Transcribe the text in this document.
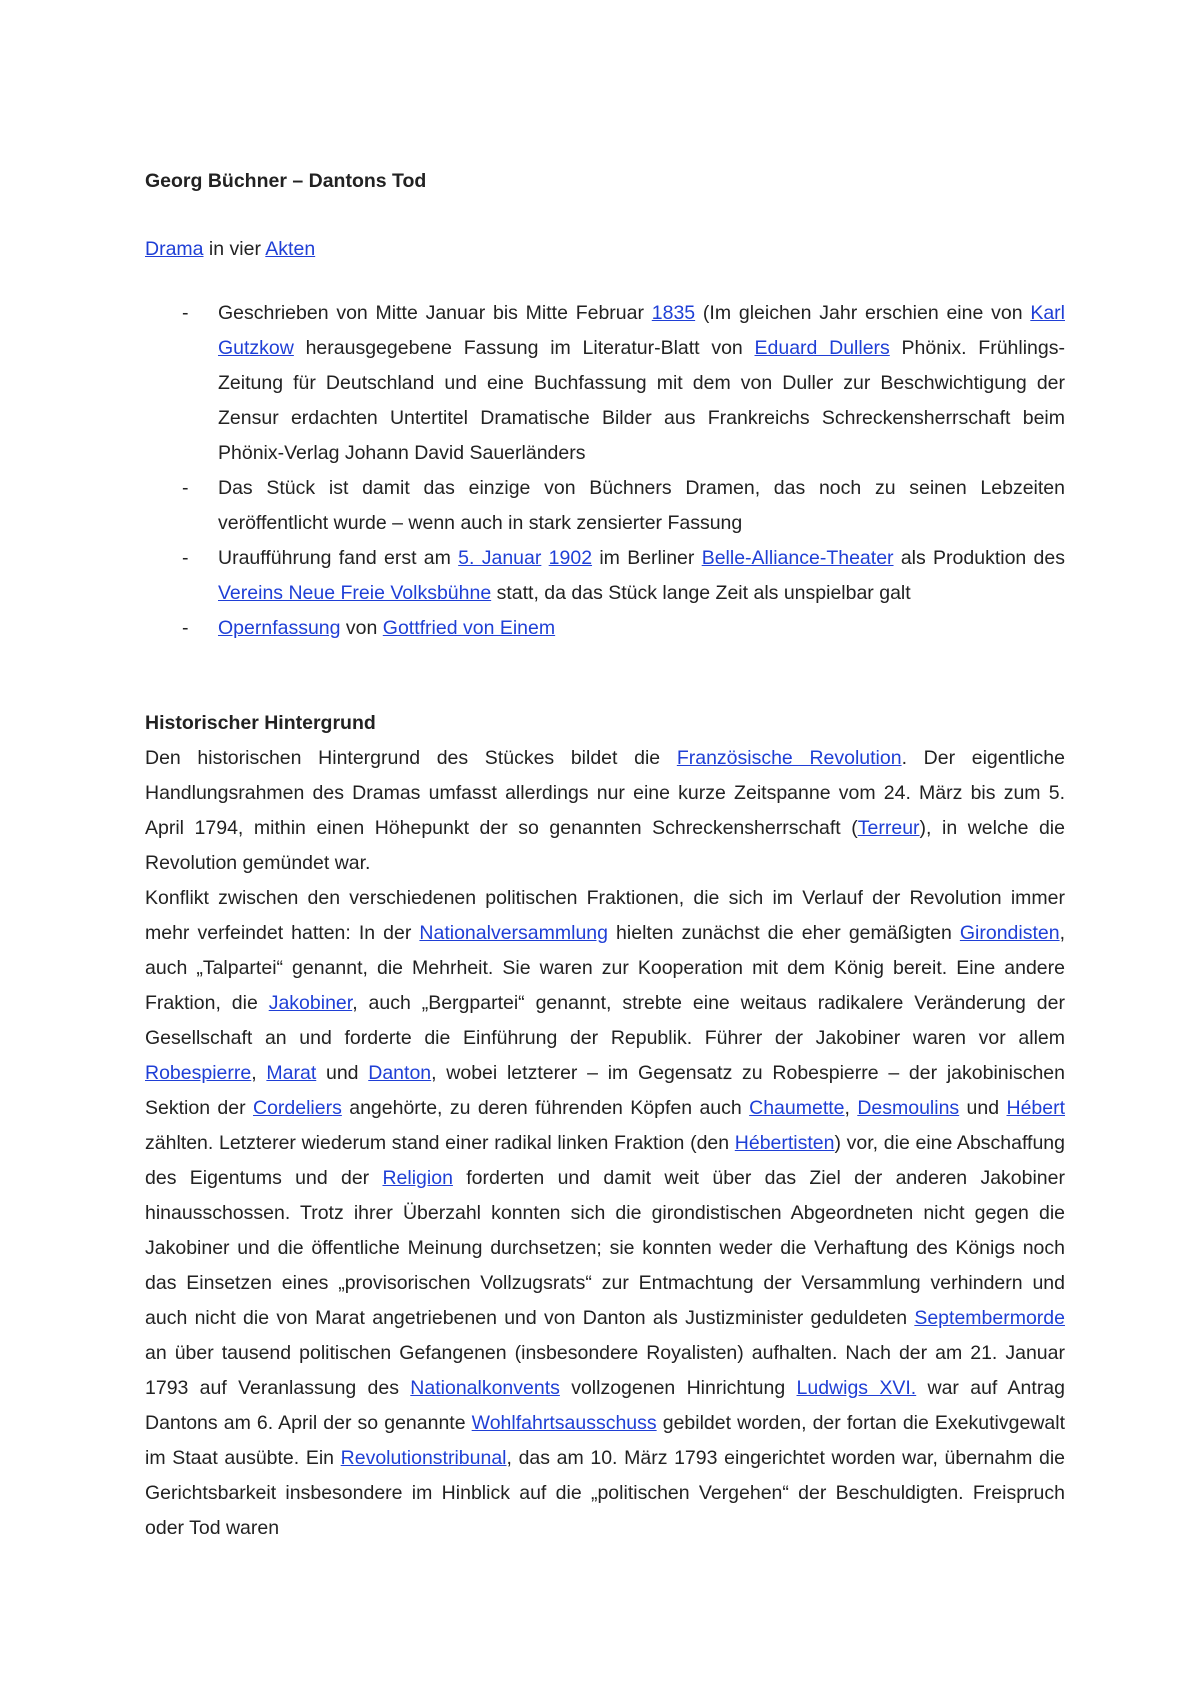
Georg Büchner – Dantons Tod

Drama in vier Akten

- Geschrieben von Mitte Januar bis Mitte Februar 1835 (Im gleichen Jahr erschien eine von Karl Gutzkow herausgegebene Fassung im Literatur-Blatt von Eduard Dullers Phönix. Frühlings-Zeitung für Deutschland und eine Buchfassung mit dem von Duller zur Beschwichtigung der Zensur erdachten Untertitel Dramatische Bilder aus Frankreichs Schreckensherrschaft beim Phönix-Verlag Johann David Sauerländers
- Das Stück ist damit das einzige von Büchners Dramen, das noch zu seinen Lebzeiten veröffentlicht wurde – wenn auch in stark zensierter Fassung
- Uraufführung fand erst am 5. Januar 1902 im Berliner Belle-Alliance-Theater als Produktion des Vereins Neue Freie Volksbühne statt, da das Stück lange Zeit als unspielbar galt
- Opernfassung von Gottfried von Einem
Historischer Hintergrund

Den historischen Hintergrund des Stückes bildet die Französische Revolution. Der eigentliche Handlungsrahmen des Dramas umfasst allerdings nur eine kurze Zeitspanne vom 24. März bis zum 5. April 1794, mithin einen Höhepunkt der so genannten Schreckensherrschaft (Terreur), in welche die Revolution gemündet war.

Konflikt zwischen den verschiedenen politischen Fraktionen, die sich im Verlauf der Revolution immer mehr verfeindet hatten: In der Nationalversammlung hielten zunächst die eher gemäßigten Girondisten, auch „Talpartei“ genannt, die Mehrheit. Sie waren zur Kooperation mit dem König bereit. Eine andere Fraktion, die Jakobiner, auch „Bergpartei“ genannt, strebte eine weitaus radikalere Veränderung der Gesellschaft an und forderte die Einführung der Republik. Führer der Jakobiner waren vor allem Robespierre, Marat und Danton, wobei letzterer – im Gegensatz zu Robespierre – der jakobinischen Sektion der Cordeliers angehörte, zu deren führenden Köpfen auch Chaumette, Desmoulins und Hébert zählten. Letzterer wiederum stand einer radikal linken Fraktion (den Hébertisten) vor, die eine Abschaffung des Eigentums und der Religion forderten und damit weit über das Ziel der anderen Jakobiner hinausschossen. Trotz ihrer Überzahl konnten sich die girondistischen Abgeordneten nicht gegen die Jakobiner und die öffentliche Meinung durchsetzen; sie konnten weder die Verhaftung des Königs noch das Einsetzen eines „provisorischen Vollzugsrats“ zur Entmachtung der Versammlung verhindern und auch nicht die von Marat angetriebenen und von Danton als Justizminister geduldeten Septembermorde an über tausend politischen Gefangenen (insbesondere Royalisten) aufhalten. Nach der am 21. Januar 1793 auf Veranlassung des Nationalkonvents vollzogenen Hinrichtung Ludwigs XVI. war auf Antrag Dantons am 6. April der so genannte Wohlfahrtsausschuss gebildet worden, der fortan die Exekutivgewalt im Staat ausübte. Ein Revolutionstribunal, das am 10. März 1793 eingerichtet worden war, übernahm die Gerichtsbarkeit insbesondere im Hinblick auf die „politischen Vergehen“ der Beschuldigten. Freispruch oder Tod waren
